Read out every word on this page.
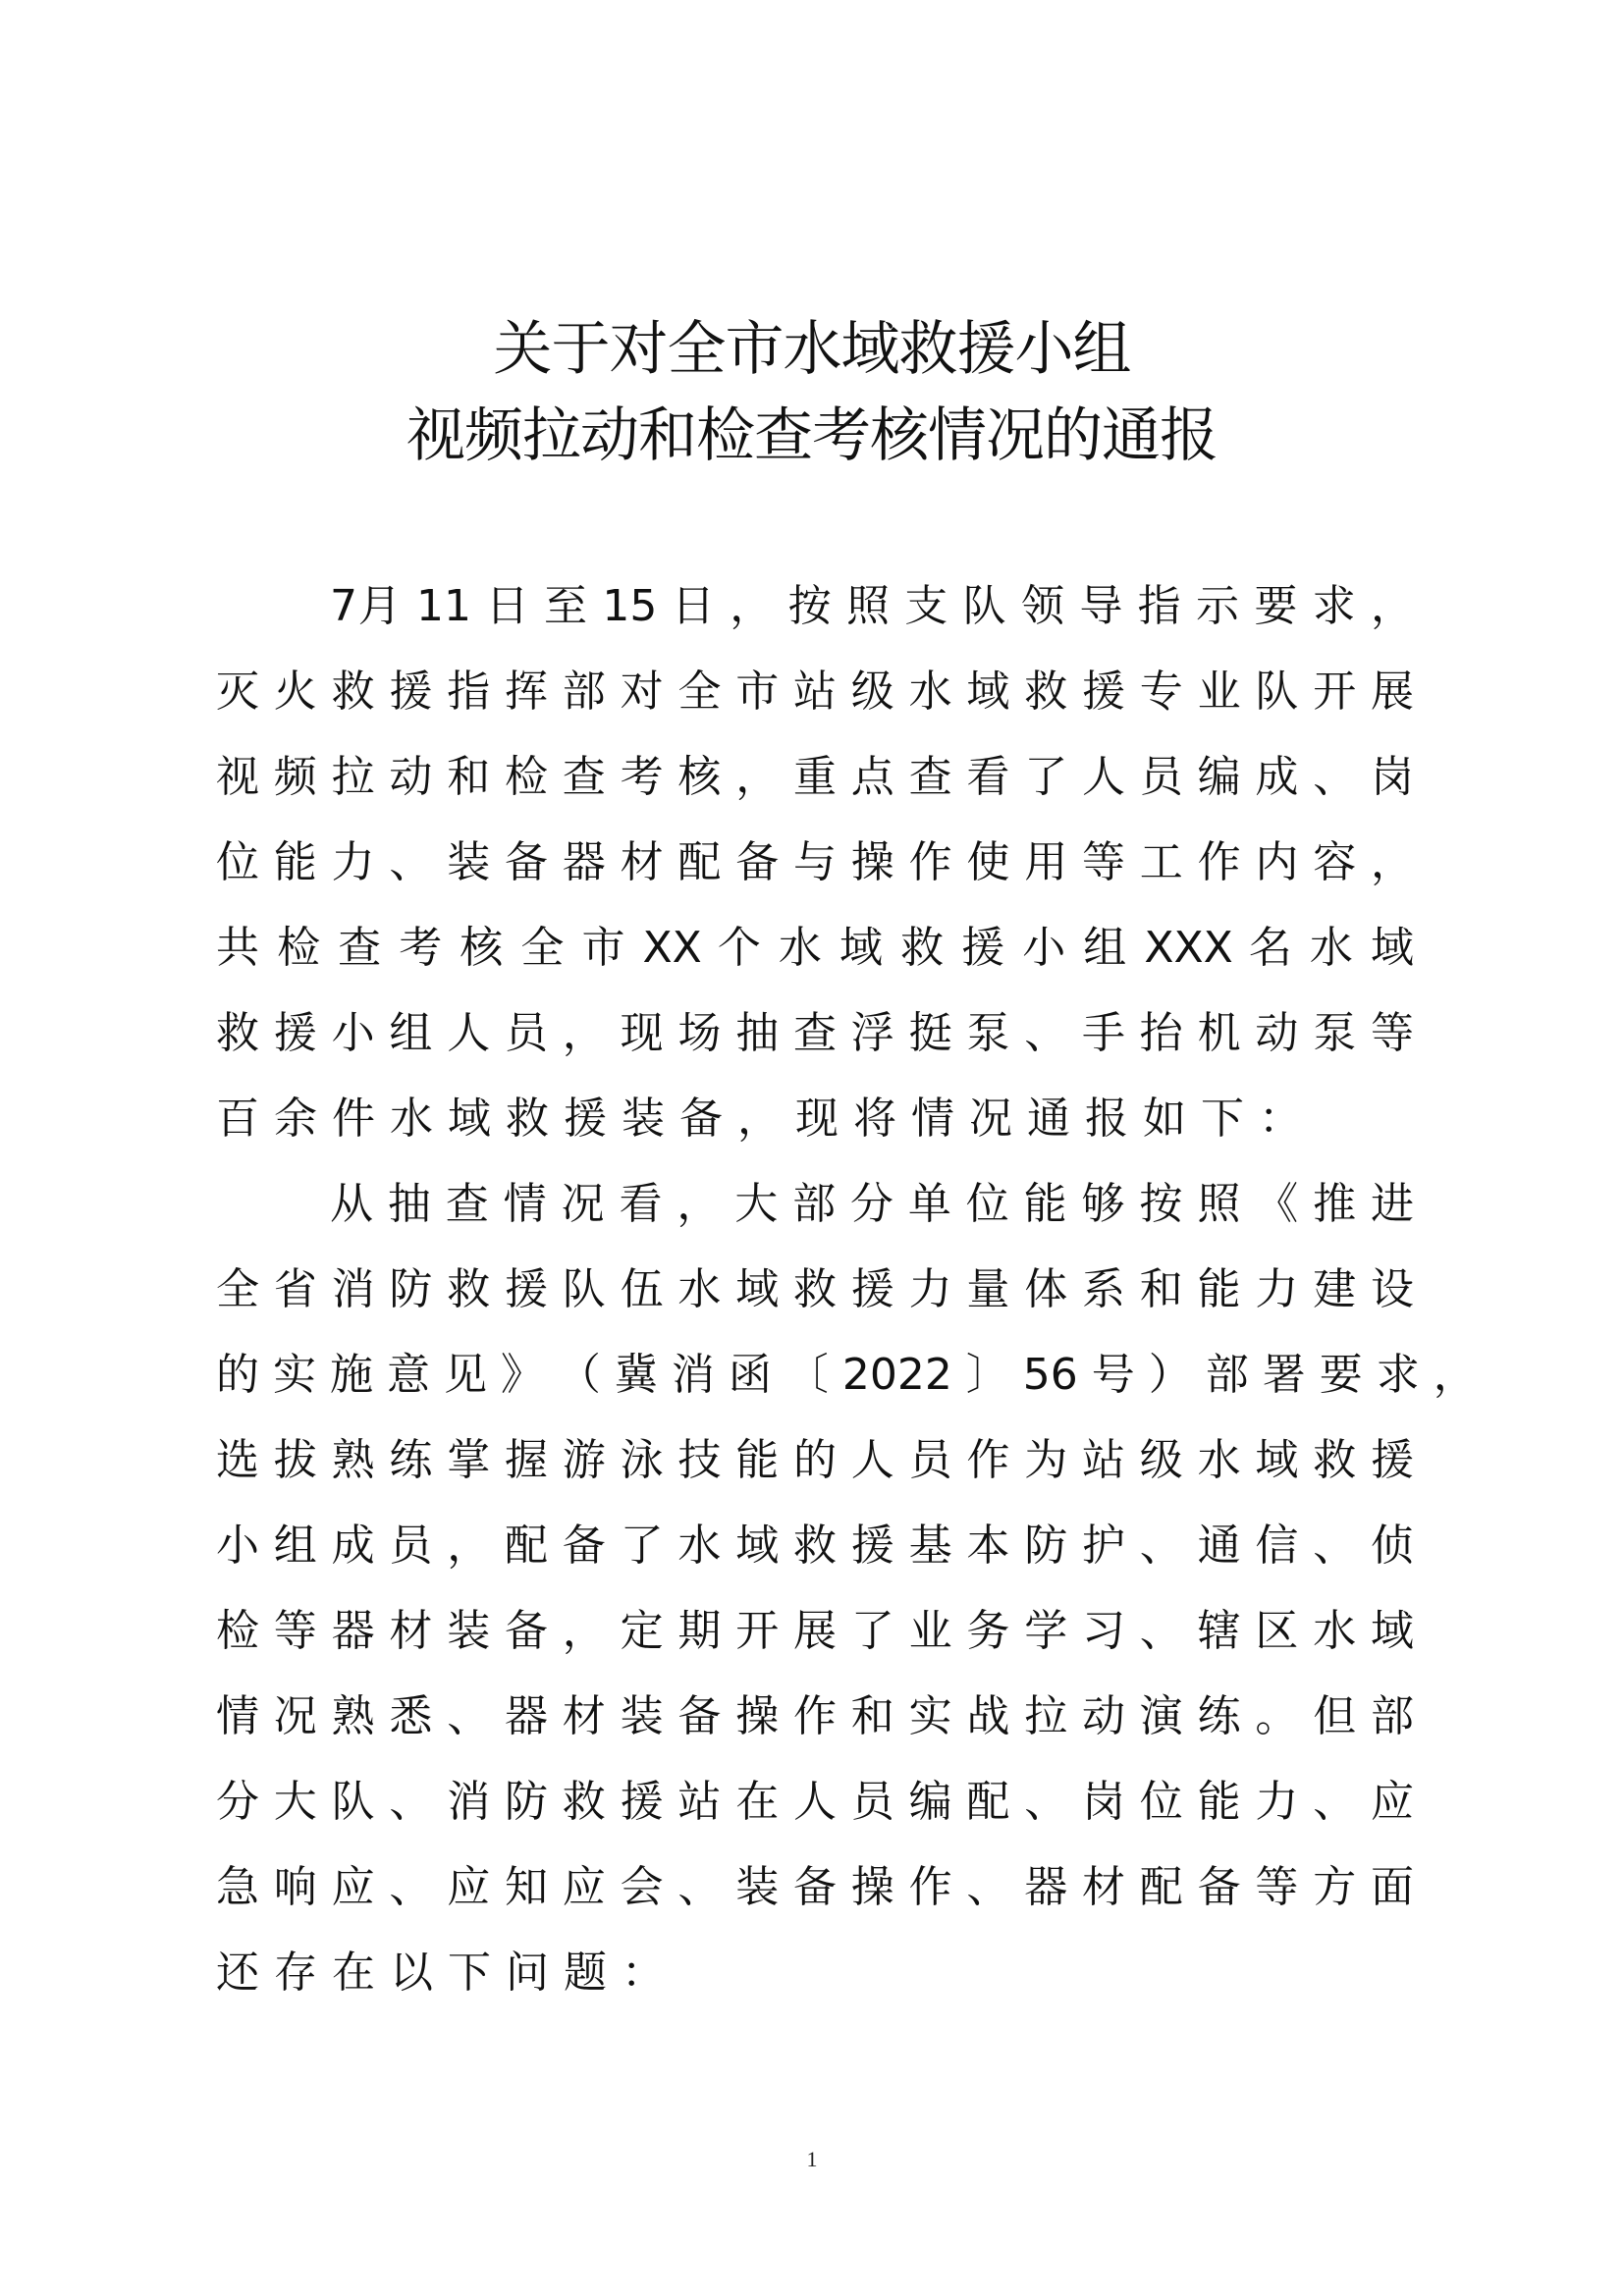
关于对全市水域救援小组
视频拉动和检查考核情况的通报
7月 11 日 至 15 日 ， 按 照 支 队 领 导 指 示 要 求 ，
灭 火 救 援 指 挥 部 对 全 市 站 级 水 域 救 援 专 业 队 开 展
视 频 拉 动 和 检 查 考 核 ， 重 点 查 看 了 人 员 编 成 、 岗
位 能 力 、 装 备 器 材 配 备 与 操 作 使 用 等 工 作 内 容 ，
共 检 查 考 核 全 市 XX 个 水 域 救 援 小 组 XXX 名 水 域
救 援 小 组 人 员 ， 现 场 抽 查 浮 挺 泵 、 手 抬 机 动 泵 等
百余件水域救援装备，现将情况通报如下：
从 抽 查 情 况 看 ， 大 部 分 单 位 能 够 按 照 《 推 进
全 省 消 防 救 援 队 伍 水 域 救 援 力 量 体 系 和 能 力 建 设
的 实 施 意 见 》 （ 冀 消 函 〔 2022 〕 56 号 ） 部 署 要 求 ，
选 拔 熟 练 掌 握 游 泳 技 能 的 人 员 作 为 站 级 水 域 救 援
小 组 成 员 ， 配 备 了 水 域 救 援 基 本 防 护 、 通 信 、 侦
检 等 器 材 装 备 ， 定 期 开 展 了 业 务 学 习 、 辖 区 水 域
情 况 熟 悉 、 器 材 装 备 操 作 和 实 战 拉 动 演 练 。 但 部
分 大 队 、 消 防 救 援 站 在 人 员 编 配 、 岗 位 能 力 、 应
急 响 应 、 应 知 应 会 、 装 备 操 作 、 器 材 配 备 等 方 面
还存在以下问题：
1
